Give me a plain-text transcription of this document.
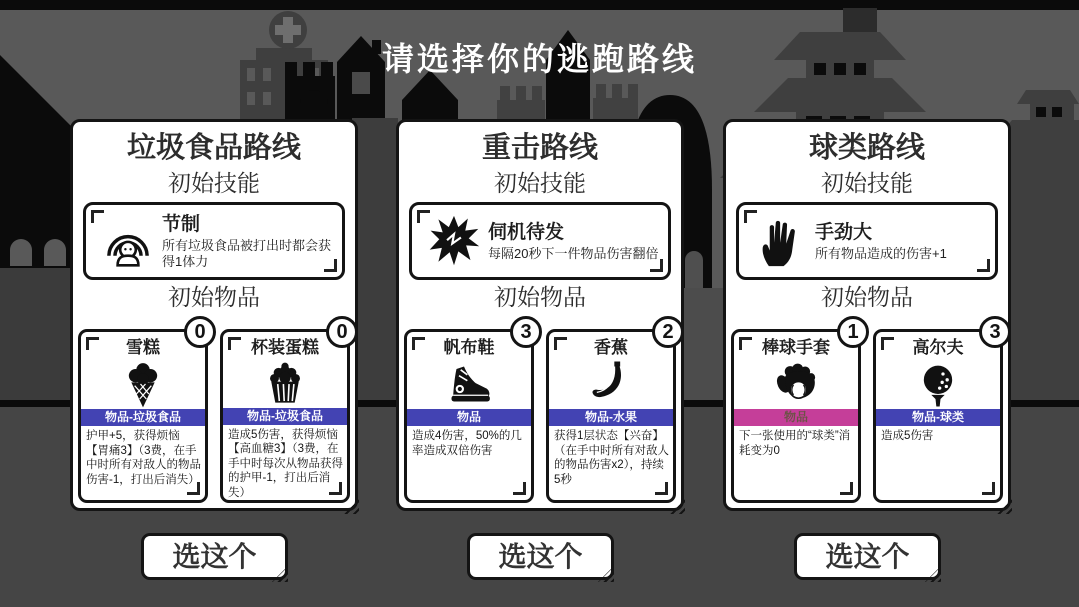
请选择你的逃跑路线
垃圾食品路线
初始技能
节制
所有垃圾食品被打出时都会获得1体力
初始物品
0
雪糕
物品-垃圾食品
护甲+5，获得烦恼【胃痛3】（3费，在手中时所有对敌人的物品伤害-1，打出后消失）
0
杯装蛋糕
物品-垃圾食品
造成5伤害，获得烦恼【高血糖3】（3费，在手中时每次从物品获得的护甲-1，打出后消失）
重击路线
初始技能
伺机待发
每隔20秒下一件物品伤害翻倍
初始物品
3
帆布鞋
物品
造成4伤害，50%的几率造成双倍伤害
2
香蕉
物品-水果
获得1层状态【兴奋】（在手中时所有对敌人的物品伤害x2），持续5秒
球类路线
初始技能
手劲大
所有物品造成的伤害+1
初始物品
1
棒球手套
物品
下一张使用的“球类”消耗变为0
3
高尔夫
物品-球类
造成5伤害
选这个	选这个	选这个
